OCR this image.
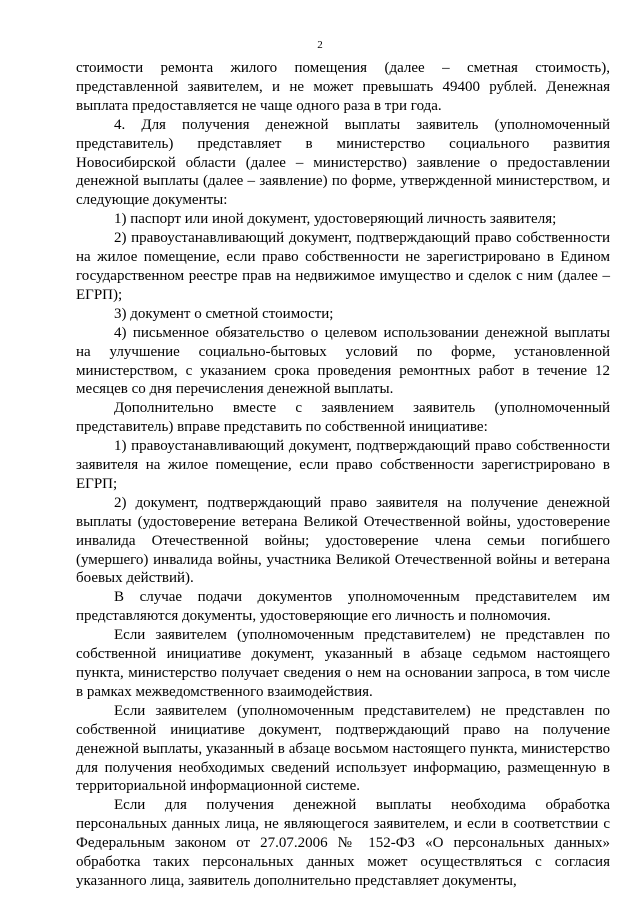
2

стоимости ремонта жилого помещения (далее – сметная стоимость), представленной заявителем, и не может превышать 49400 рублей. Денежная выплата предоставляется не чаще одного раза в три года.

4. Для получения денежной выплаты заявитель (уполномоченный представитель) представляет в министерство социального развития Новосибирской области (далее – министерство) заявление о предоставлении денежной выплаты (далее – заявление) по форме, утвержденной министерством, и следующие документы:

1) паспорт или иной документ, удостоверяющий личность заявителя;

2) правоустанавливающий документ, подтверждающий право собственности на жилое помещение, если право собственности не зарегистрировано в Едином государственном реестре прав на недвижимое имущество и сделок с ним (далее – ЕГРП);

3) документ о сметной стоимости;

4) письменное обязательство о целевом использовании денежной выплаты на улучшение социально-бытовых условий по форме, установленной министерством, с указанием срока проведения ремонтных работ в течение 12 месяцев со дня перечисления денежной выплаты.

Дополнительно вместе с заявлением заявитель (уполномоченный представитель) вправе представить по собственной инициативе:

1) правоустанавливающий документ, подтверждающий право собственности заявителя на жилое помещение, если право собственности зарегистрировано в ЕГРП;

2) документ, подтверждающий право заявителя на получение денежной выплаты (удостоверение ветерана Великой Отечественной войны, удостоверение инвалида Отечественной войны; удостоверение члена семьи погибшего (умершего) инвалида войны, участника Великой Отечественной войны и ветерана боевых действий).

В случае подачи документов уполномоченным представителем им представляются документы, удостоверяющие его личность и полномочия.

Если заявителем (уполномоченным представителем) не представлен по собственной инициативе документ, указанный в абзаце седьмом настоящего пункта, министерство получает сведения о нем на основании запроса, в том числе в рамках межведомственного взаимодействия.

Если заявителем (уполномоченным представителем) не представлен по собственной инициативе документ, подтверждающий право на получение денежной выплаты, указанный в абзаце восьмом настоящего пункта, министерство для получения необходимых сведений использует информацию, размещенную в территориальной информационной системе.

Если для получения денежной выплаты необходима обработка персональных данных лица, не являющегося заявителем, и если в соответствии с Федеральным законом от 27.07.2006 № 152-ФЗ «О персональных данных» обработка таких персональных данных может осуществляться с согласия указанного лица, заявитель дополнительно представляет документы,
